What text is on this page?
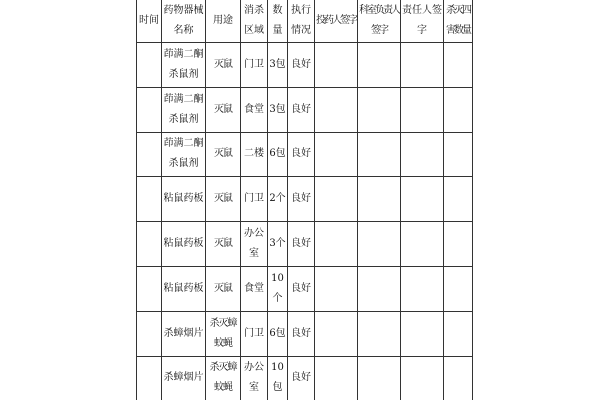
时间	药物器械名称	用途	消杀区域	数量	执行情况	投药人签字	科室负责人签字	责任人签字	杀灭四害数量

	茚满二酮杀鼠剂	灭鼠	门卫	3包	良好				

	茚满二酮杀鼠剂	灭鼠	食堂	3包	良好				

	茚满二酮杀鼠剂	灭鼠	二楼	6包	良好				

	粘鼠药板	灭鼠	门卫	2个	良好				

	粘鼠药板	灭鼠	办公室	3个	良好				

	粘鼠药板	灭鼠	食堂	10个	良好				

	杀蟑烟片	杀灭蟑蚊蝇	门卫	6包	良好				

	杀蟑烟片	杀灭蟑蚊蝇	办公室	10包	良好				
